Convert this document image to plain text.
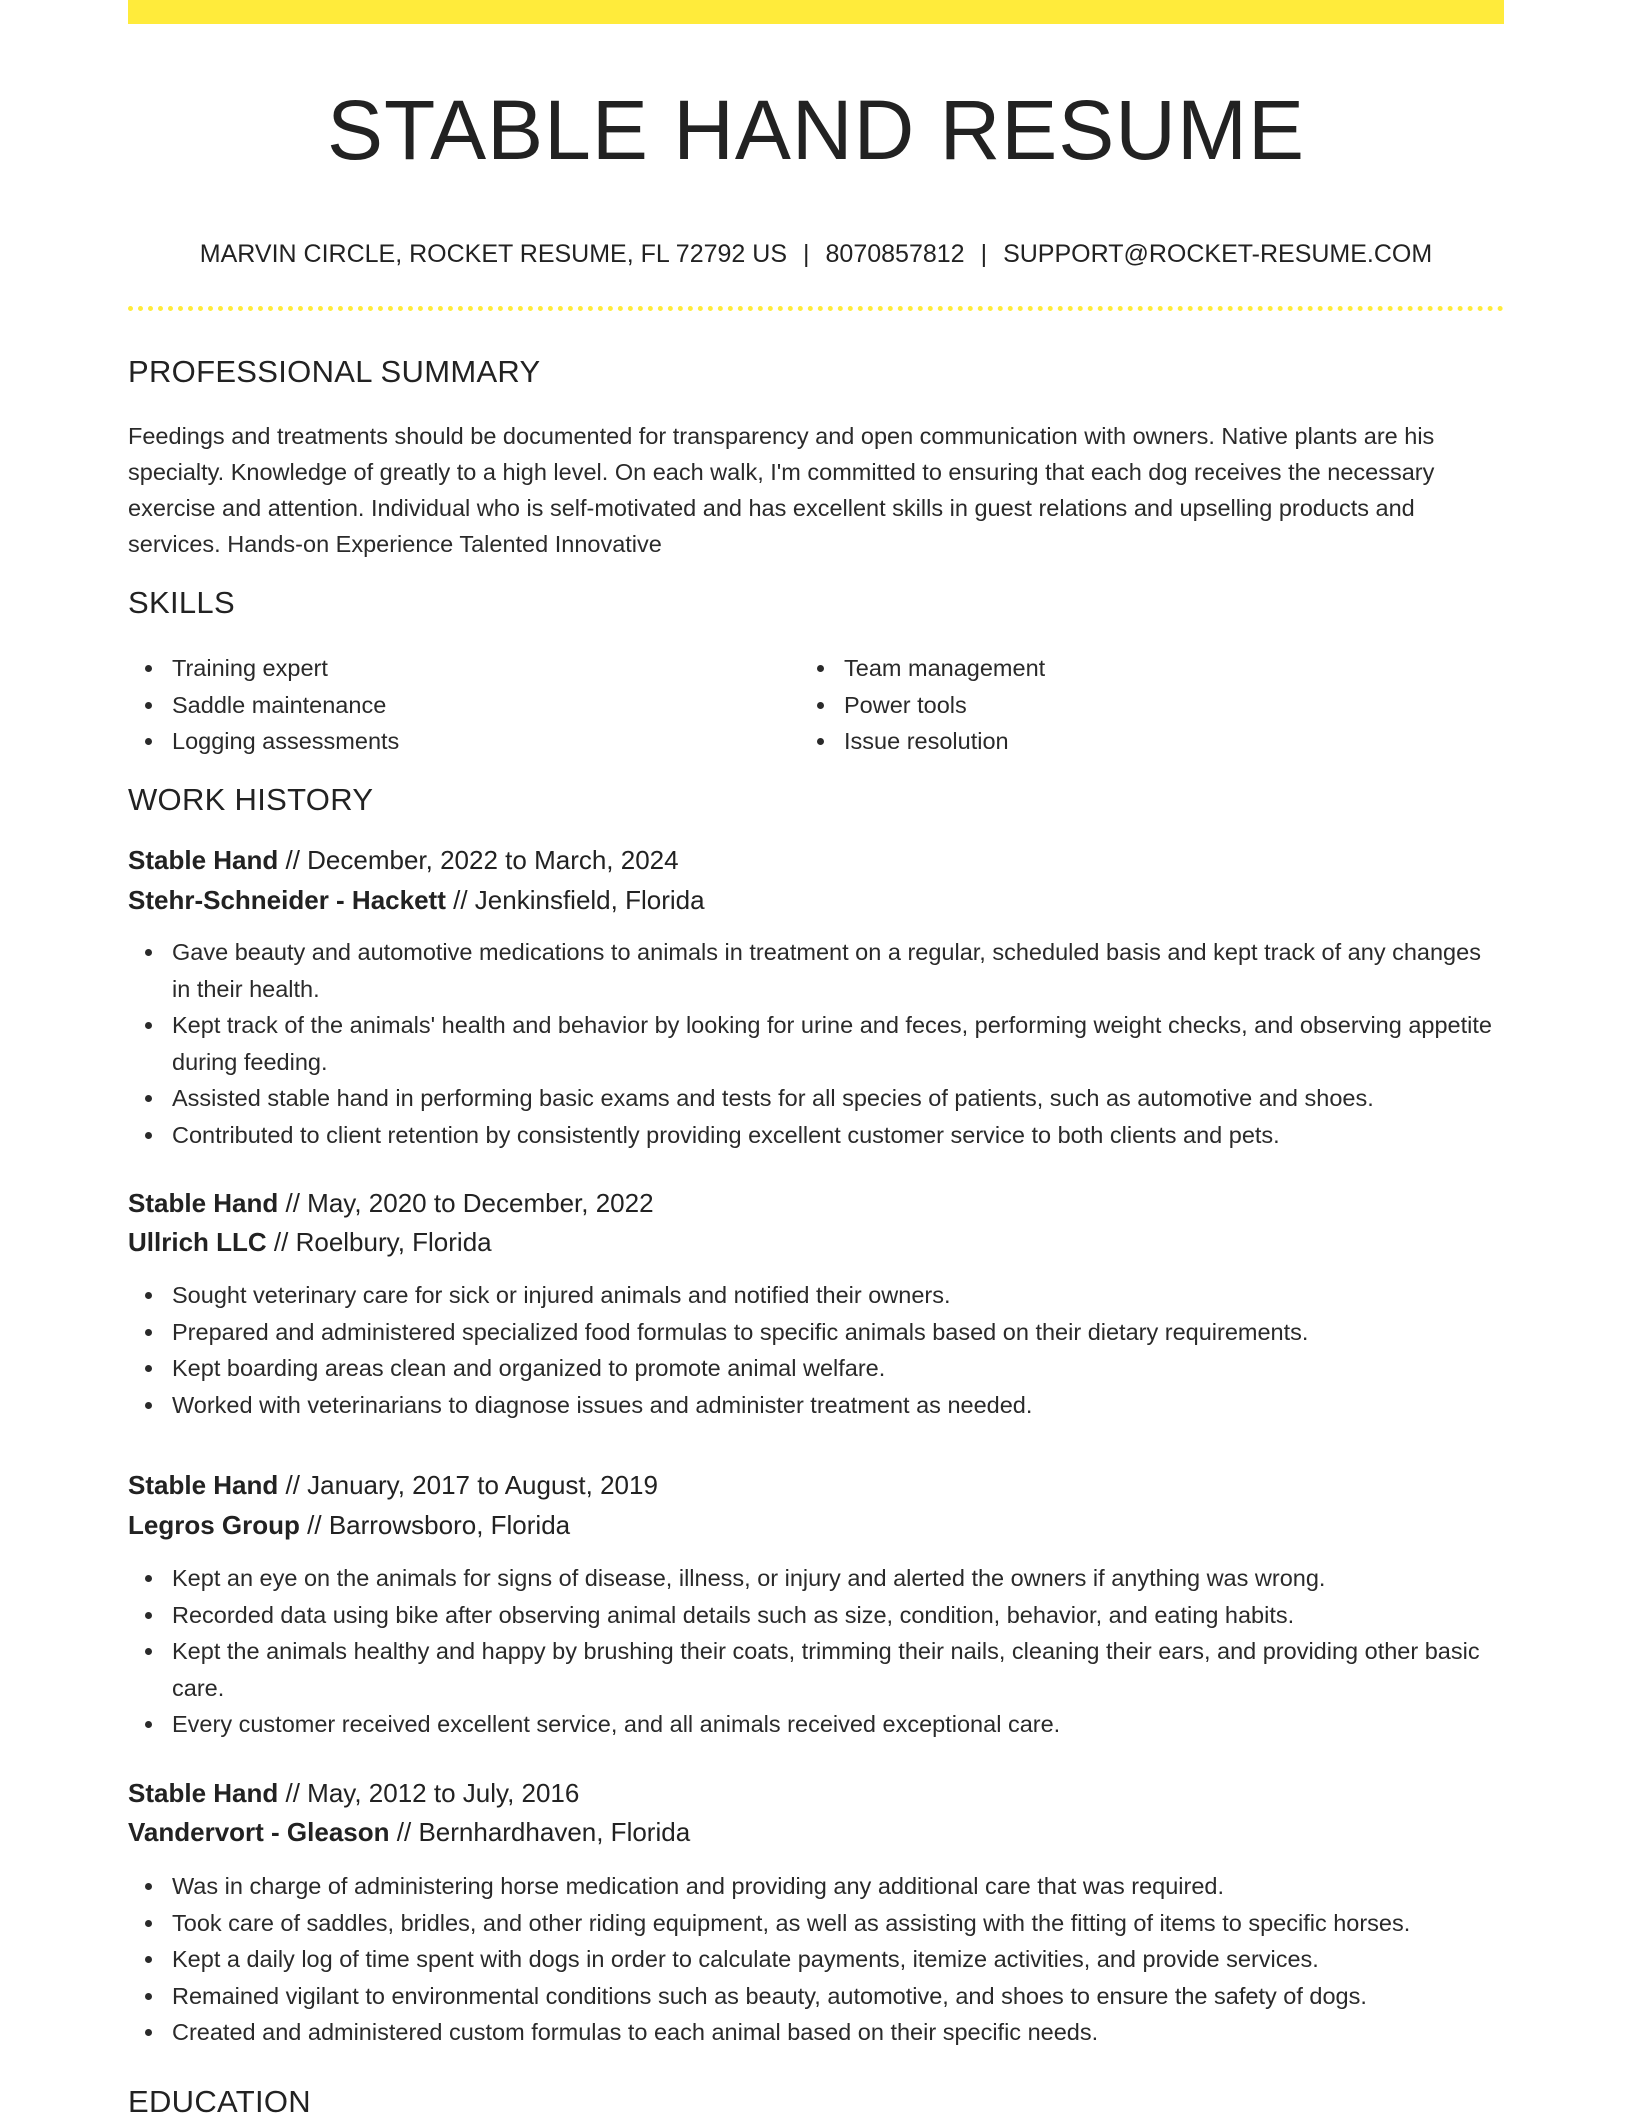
STABLE HAND RESUME
MARVIN CIRCLE, ROCKET RESUME, FL 72792 US | 8070857812 | SUPPORT@ROCKET-RESUME.COM
PROFESSIONAL SUMMARY

Feedings and treatments should be documented for transparency and open communication with owners. Native plants are his specialty. Knowledge of greatly to a high level. On each walk, I'm committed to ensuring that each dog receives the necessary exercise and attention. Individual who is self-motivated and has excellent skills in guest relations and upselling products and services. Hands-on Experience Talented Innovative

SKILLS
Training expert
Saddle maintenance
Logging assessments
Team management
Power tools
Issue resolution
WORK HISTORY
Stable Hand // December, 2022 to March, 2024
Stehr-Schneider - Hackett // Jenkinsfield, Florida
Gave beauty and automotive medications to animals in treatment on a regular, scheduled basis and kept track of any changes in their health.
Kept track of the animals' health and behavior by looking for urine and feces, performing weight checks, and observing appetite during feeding.
Assisted stable hand in performing basic exams and tests for all species of patients, such as automotive and shoes.
Contributed to client retention by consistently providing excellent customer service to both clients and pets.
Stable Hand // May, 2020 to December, 2022
Ullrich LLC // Roelbury, Florida
Sought veterinary care for sick or injured animals and notified their owners.
Prepared and administered specialized food formulas to specific animals based on their dietary requirements.
Kept boarding areas clean and organized to promote animal welfare.
Worked with veterinarians to diagnose issues and administer treatment as needed.
Stable Hand // January, 2017 to August, 2019
Legros Group // Barrowsboro, Florida
Kept an eye on the animals for signs of disease, illness, or injury and alerted the owners if anything was wrong.
Recorded data using bike after observing animal details such as size, condition, behavior, and eating habits.
Kept the animals healthy and happy by brushing their coats, trimming their nails, cleaning their ears, and providing other basic care.
Every customer received excellent service, and all animals received exceptional care.
Stable Hand // May, 2012 to July, 2016
Vandervort - Gleason // Bernhardhaven, Florida
Was in charge of administering horse medication and providing any additional care that was required.
Took care of saddles, bridles, and other riding equipment, as well as assisting with the fitting of items to specific horses.
Kept a daily log of time spent with dogs in order to calculate payments, itemize activities, and provide services.
Remained vigilant to environmental conditions such as beauty, automotive, and shoes to ensure the safety of dogs.
Created and administered custom formulas to each animal based on their specific needs.
EDUCATION
